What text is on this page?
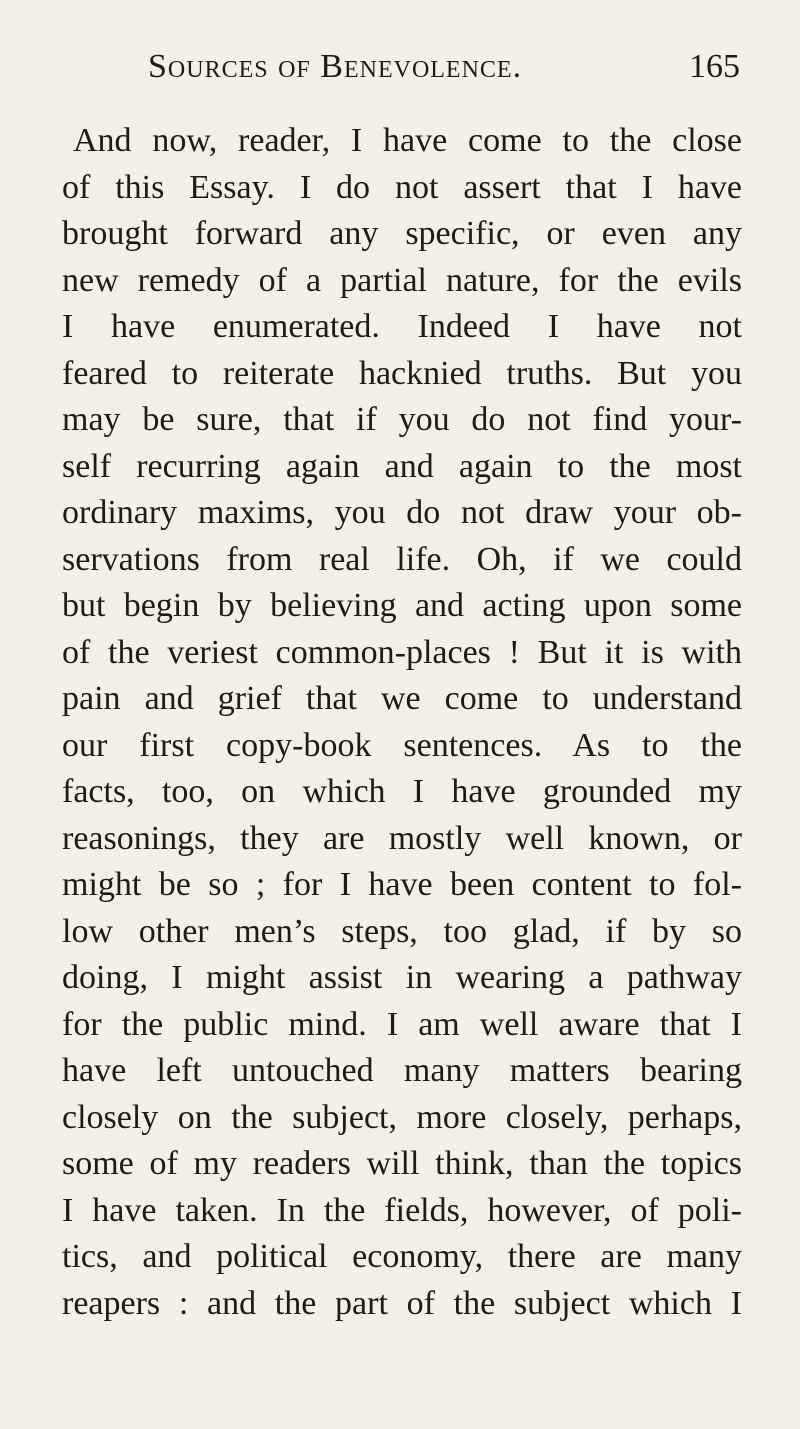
Sources of Benevolence.	165
And now, reader, I have come to the close
of this Essay. I do not assert that I have
brought forward any specific, or even any
new remedy of a partial nature, for the evils
I have enumerated. Indeed I have not
feared to reiterate hacknied truths. But you
may be sure, that if you do not find your-
self recurring again and again to the most
ordinary maxims, you do not draw your ob-
servations from real life. Oh, if we could
but begin by believing and acting upon some
of the veriest common-places ! But it is with
pain and grief that we come to understand
our first copy-book sentences. As to the
facts, too, on which I have grounded my
reasonings, they are mostly well known, or
might be so ; for I have been content to fol-
low other men’s steps, too glad, if by so
doing, I might assist in wearing a pathway
for the public mind. I am well aware that I
have left untouched many matters bearing
closely on the subject, more closely, perhaps,
some of my readers will think, than the topics
I have taken. In the fields, however, of poli-
tics, and political economy, there are many
reapers : and the part of the subject which I
